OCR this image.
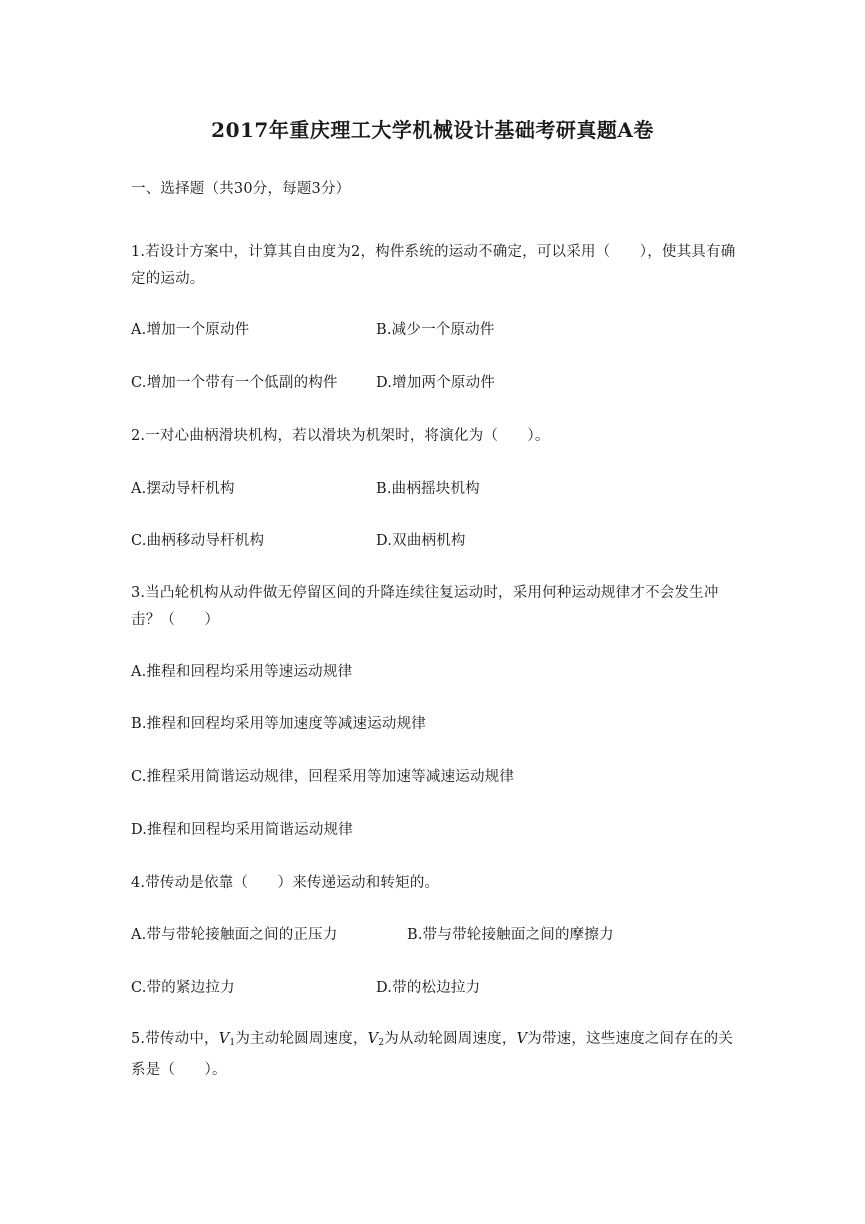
2017年重庆理工大学机械设计基础考研真题A卷
一、选择题（共30分，每题3分）
1.若设计方案中，计算其自由度为2，构件系统的运动不确定，可以采用（　　），使其具有确定的运动。
A.增加一个原动件	B.减少一个原动件
C.增加一个带有一个低副的构件	D.增加两个原动件
2.一对心曲柄滑块机构，若以滑块为机架时，将演化为（　　）。
A.摆动导杆机构	B.曲柄摇块机构
C.曲柄移动导杆机构	D.双曲柄机构
3.当凸轮机构从动件做无停留区间的升降连续往复运动时，采用何种运动规律才不会发生冲击？（　　）
A.推程和回程均采用等速运动规律
B.推程和回程均采用等加速度等减速运动规律
C.推程采用简谐运动规律，回程采用等加速等减速运动规律
D.推程和回程均采用简谐运动规律
4.带传动是依靠（　　）来传递运动和转矩的。
A.带与带轮接触面之间的正压力	B.带与带轮接触面之间的摩擦力
C.带的紧边拉力	D.带的松边拉力
5.带传动中，$V_1$为主动轮圆周速度，$V_2$为从动轮圆周速度，V为带速，这些速度之间存在的关系是（　　）。
